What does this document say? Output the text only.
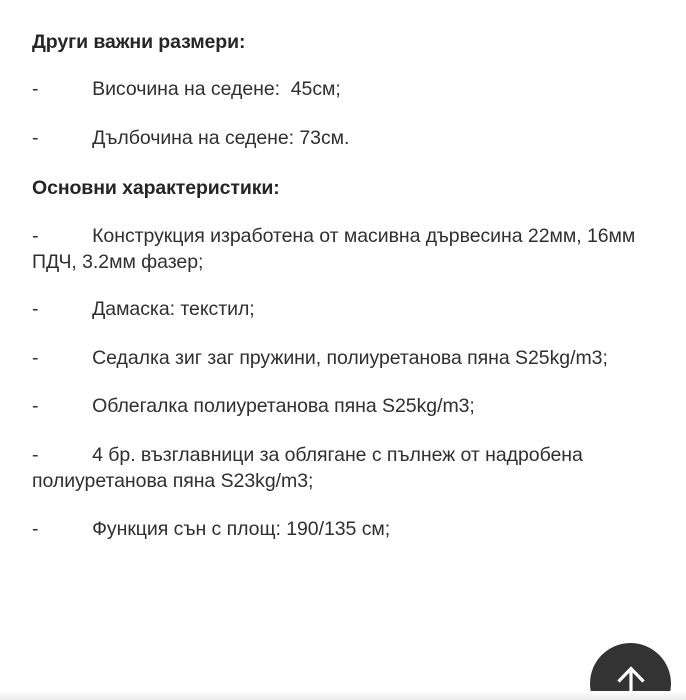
Други важни размери:
-          Височина на седене:  45см;
-          Дълбочина на седене: 73см.
Основни характеристики:
-          Конструкция изработена от масивна дървесина 22мм, 16мм  ПДЧ, 3.2мм фазер;
-          Дамаска: текстил;
-          Седалка зиг заг пружини, полиуретанова пяна S25kg/m3;
-          Облегалка полиуретанова пяна S25kg/m3;
-          4 бр. възглавници за облягане с пълнеж от надробена полиуретанова пяна S23kg/m3;
-          Функция сън с площ: 190/135 см;
